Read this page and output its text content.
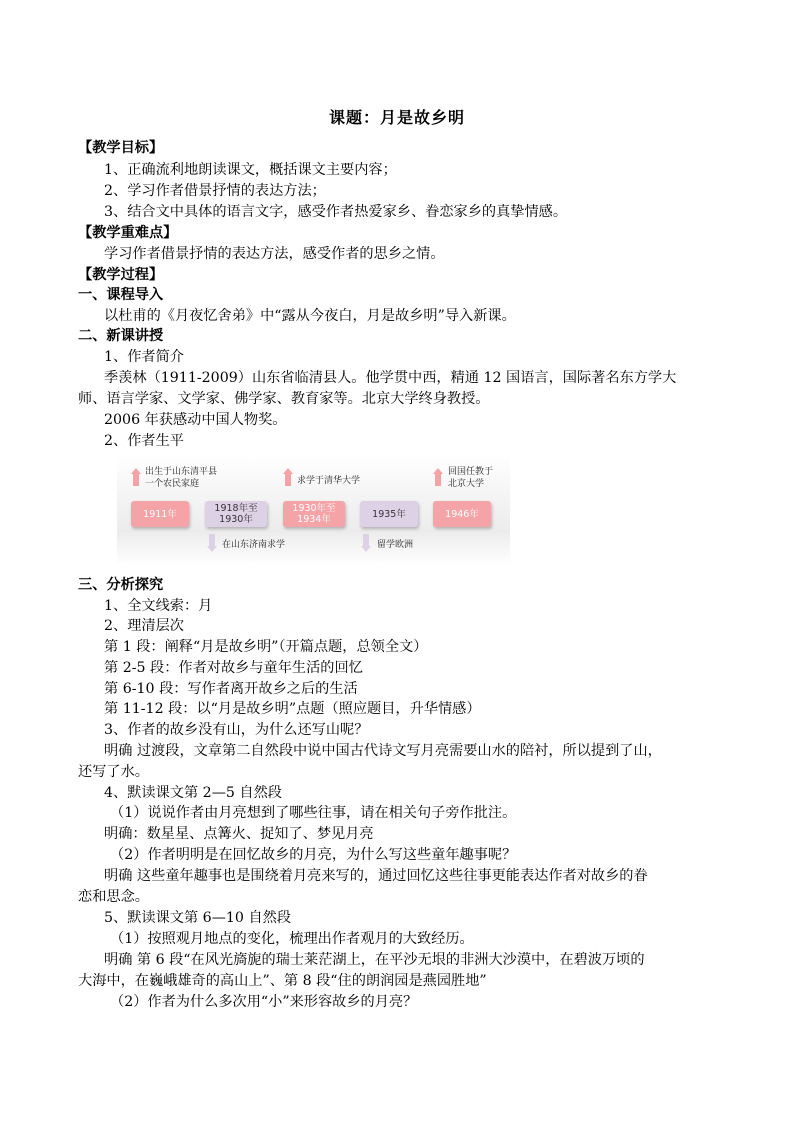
课题：月是故乡明
【教学目标】
1、正确流利地朗读课文，概括课文主要内容；
2、学习作者借景抒情的表达方法；
3、结合文中具体的语言文字，感受作者热爱家乡、眷恋家乡的真挚情感。
【教学重难点】
学习作者借景抒情的表达方法，感受作者的思乡之情。
【教学过程】
一、课程导入
以杜甫的《月夜忆舍弟》中“露从今夜白，月是故乡明”导入新课。
二、新课讲授
1、作者简介
季羡林（1911-2009）山东省临清县人。他学贯中西，精通 12 国语言，国际著名东方学大
师、语言学家、文学家、佛学家、教育家等。北京大学终身教授。
2006 年获感动中国人物奖。
2、作者生平
出生于山东清平县
一个农民家庭	求学于清华大学
回国任教于
北京大学
1911年	1918年至
1930年
1930年至
1934年	1935年	1946年
在山东济南求学	留学欧洲
三、分析探究
1、全文线索：月
2、理清层次
第 1 段：阐释“月是故乡明”（开篇点题，总领全文）
第 2-5 段：作者对故乡与童年生活的回忆
第 6-10 段：写作者离开故乡之后的生活
第 11-12 段：以“月是故乡明”点题（照应题目，升华情感）
3、作者的故乡没有山，为什么还写山呢？
明确 过渡段，文章第二自然段中说中国古代诗文写月亮需要山水的陪衬，所以提到了山，
还写了水。
4、默读课文第 2—5 自然段
（1）说说作者由月亮想到了哪些往事，请在相关句子旁作批注。
明确：数星星、点篝火、捉知了、梦见月亮
（2）作者明明是在回忆故乡的月亮，为什么写这些童年趣事呢？
明确 这些童年趣事也是围绕着月亮来写的，通过回忆这些往事更能表达作者对故乡的眷
恋和思念。
5、默读课文第 6—10 自然段
（1）按照观月地点的变化，梳理出作者观月的大致经历。
明确 第 6 段“在风光旖旎的瑞士莱茫湖上，在平沙无垠的非洲大沙漠中，在碧波万顷的
大海中，在巍峨雄奇的高山上”、第 8 段“住的朗润园是燕园胜地”
（2）作者为什么多次用“小”来形容故乡的月亮？
